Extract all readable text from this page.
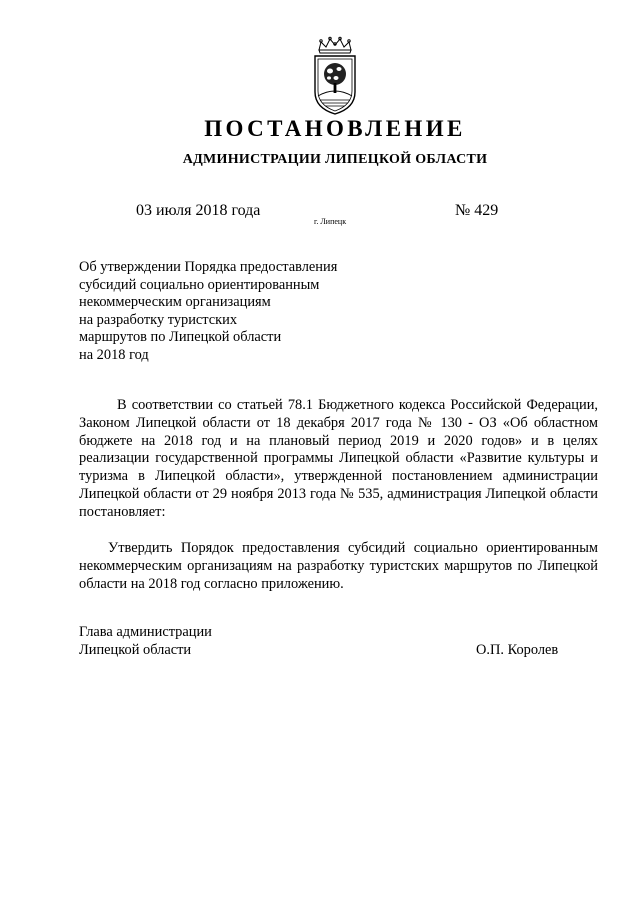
ПОСТАНОВЛЕНИЕ
АДМИНИСТРАЦИИ ЛИПЕЦКОЙ ОБЛАСТИ
03 июля 2018 года
г. Липецк
№ 429
Об утверждении Порядка предоставления
субсидий социально ориентированным
некоммерческим организациям
на разработку туристских
маршрутов по Липецкой области
на 2018 год

В соответствии со статьей 78.1 Бюджетного кодекса Российской Федерации, Законом Липецкой области от 18 декабря 2017 года № 130 - ОЗ «Об областном бюджете на 2018 год и на плановый период 2019 и 2020 годов» и в целях реализации государственной программы Липецкой области «Развитие культуры и туризма в Липецкой области», утвержденной постановлением администрации Липецкой области от 29 ноября 2013 года № 535, администрация Липецкой области постановляет:

Утвердить Порядок предоставления субсидий социально ориентированным некоммерческим организациям на разработку туристских маршрутов по Липецкой области на 2018 год согласно приложению.

Глава администрации
Липецкой области	О.П. Королев
